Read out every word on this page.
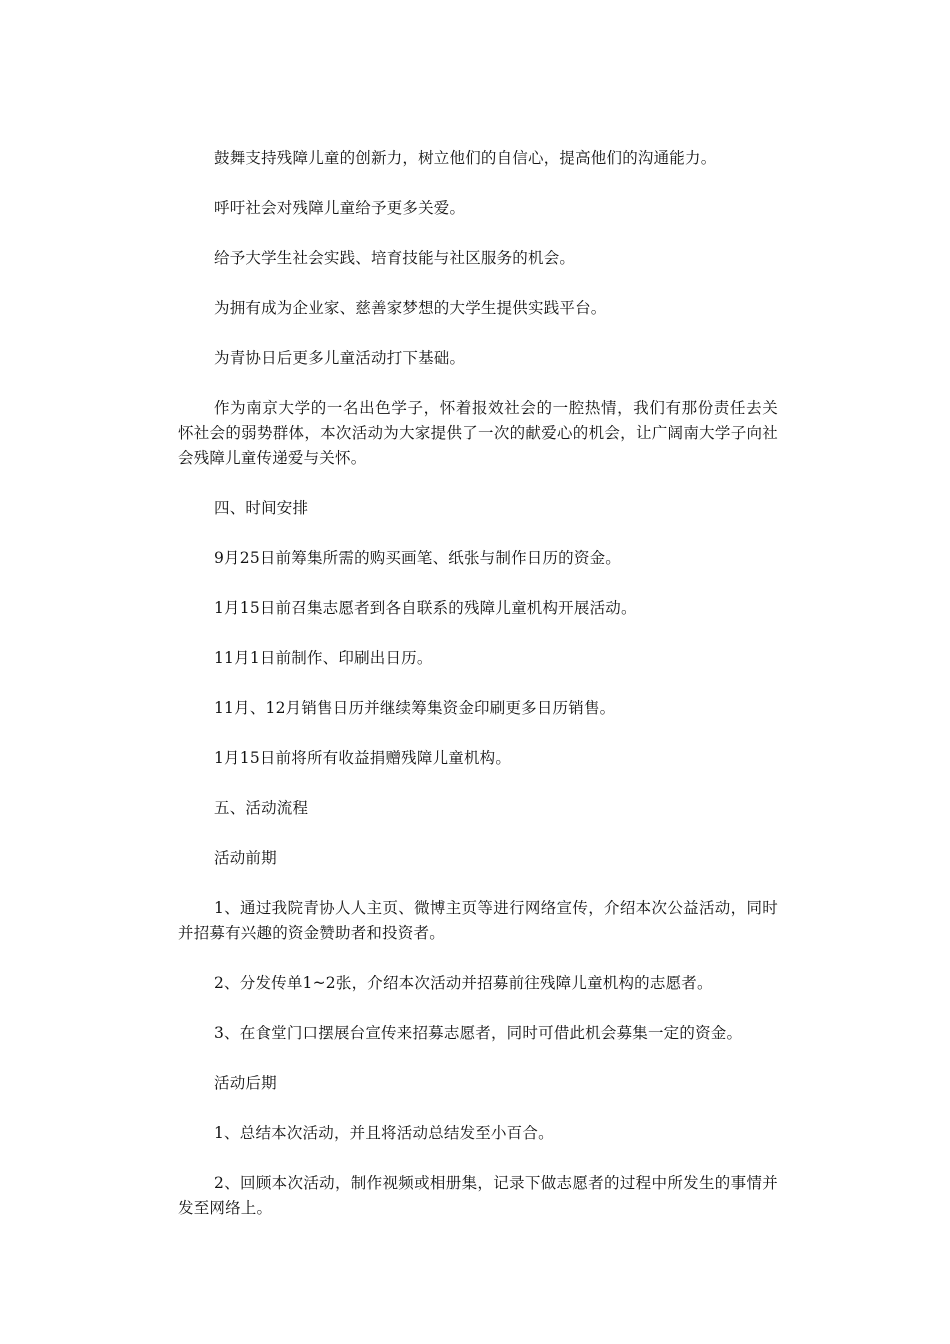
鼓舞支持残障儿童的创新力，树立他们的自信心，提高他们的沟通能力。

呼吁社会对残障儿童给予更多关爱。

给予大学生社会实践、培育技能与社区服务的机会。

为拥有成为企业家、慈善家梦想的大学生提供实践平台。

为青协日后更多儿童活动打下基础。

作为南京大学的一名出色学子，怀着报效社会的一腔热情，我们有那份责任去关怀社会的弱势群体，本次活动为大家提供了一次的献爱心的机会，让广阔南大学子向社会残障儿童传递爱与关怀。

四、时间安排

9月25日前筹集所需的购买画笔、纸张与制作日历的资金。

1月15日前召集志愿者到各自联系的残障儿童机构开展活动。

11月1日前制作、印刷出日历。

11月、12月销售日历并继续筹集资金印刷更多日历销售。

1月15日前将所有收益捐赠残障儿童机构。

五、活动流程

活动前期

1、通过我院青协人人主页、微博主页等进行网络宣传，介绍本次公益活动，同时并招募有兴趣的资金赞助者和投资者。

2、分发传单1~2张，介绍本次活动并招募前往残障儿童机构的志愿者。

3、在食堂门口摆展台宣传来招募志愿者，同时可借此机会募集一定的资金。

活动后期

1、总结本次活动，并且将活动总结发至小百合。

2、回顾本次活动，制作视频或相册集，记录下做志愿者的过程中所发生的事情并发至网络上。
